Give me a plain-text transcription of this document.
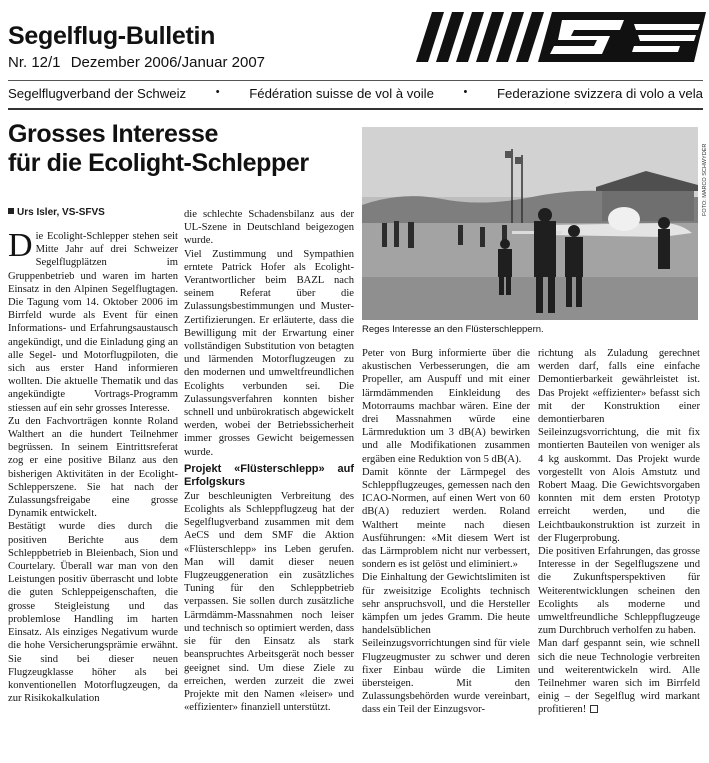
Segelflug-Bulletin
Nr. 12/1 Dezember 2006/Januar 2007
Segelflugverband der Schweiz	• Fédération suisse de vol à voile	• Federazione svizzera di volo a vela
Grosses Interesse
für die Ecolight-Schlepper
Urs Isler, VS-SFVS	FOTO: MARCO SCHWYDER
Reges Interesse an den Flüsterschleppern.

Die Ecolight-Schlepper stehen seit Mitte Jahr auf drei Schweizer Segelflugplätzen im Gruppenbetrieb und waren im harten Einsatz in den Alpinen Segelflugtagen. Die Tagung vom 14. Oktober 2006 im Birrfeld wurde als Event für einen Informations- und Erfahrungsaustausch angekündigt, und die Einladung ging an alle Segel- und Motorflugpiloten, die sich aus erster Hand informieren wollten. Die aktuelle Thematik und das angekündigte Vortrags-Programm stiessen auf ein sehr grosses Interesse.

Zu den Fachvorträgen konnte Roland Walthert an die hundert Teilnehmer begrüssen. In seinem Eintrittsreferat zog er eine positive Bilanz aus den bisherigen Aktivitäten in der Ecolight-Schlepperszene. Sie hat nach der Zulassungsfreigabe eine grosse Dynamik entwickelt.

Bestätigt wurde dies durch die positiven Berichte aus dem Schleppbetrieb in Bleienbach, Sion und Courtelary. Überall war man von den Leistungen positiv überrascht und lobte die guten Schleppeigenschaften, die grosse Steigleistung und das problemlose Handling im harten Einsatz. Als einziges Negativum wurde die hohe Versicherungsprämie erwähnt. Sie sind bei dieser neuen Flugzeugklasse höher als bei konventionellen Motorflugzeugen, da zur Risikokalkulation

die schlechte Schadensbilanz aus der UL-Szene in Deutschland beigezogen wurde.

Viel Zustimmung und Sympathien erntete Patrick Hofer als Ecolight-Verantwortlicher beim BAZL nach seinem Referat über die Zulassungsbestimmungen und Muster-Zertifizierungen. Er erläuterte, dass die Bewilligung mit der Erwartung einer vollständigen Substitution von betagten und lärmenden Motorflugzeugen zu den modernen und umweltfreundlichen Ecolights verbunden sei. Die Zulassungsverfahren konnten bisher schnell und unbürokratisch abgewickelt werden, wobei der Betriebssicherheit immer grosses Gewicht beigemessen wurde.

Projekt «Flüsterschlepp» auf Erfolgskurs

Zur beschleunigten Verbreitung des Ecolights als Schleppflugzeug hat der Segelflugverband zusammen mit dem AeCS und dem SMF die Aktion «Flüsterschlepp» ins Leben gerufen. Man will damit dieser neuen Flugzeuggeneration ein zusätzliches Tuning für den Schleppbetrieb verpassen. Sie sollen durch zusätzliche Lärmdämm-Massnahmen noch leiser und technisch so optimiert werden, dass sie für den Einsatz als stark beanspruchtes Arbeitsgerät noch besser geeignet sind. Um diese Ziele zu erreichen, werden zurzeit die zwei Projekte mit den Namen «leiser» und «effizienter» finanziell unterstützt.

Peter von Burg informierte über die akustischen Verbesserungen, die am Propeller, am Auspuff und mit einer lärmdämmenden Einkleidung des Motorraums machbar wären. Eine der drei Massnahmen würde eine Lärmreduktion um 3 dB(A) bewirken und alle Modifikationen zusammen ergäben eine Reduktion von 5 dB(A).

Damit könnte der Lärmpegel des Schleppflugzeuges, gemessen nach den ICAO-Normen, auf einen Wert von 60 dB(A) reduziert werden. Roland Walthert meinte nach diesen Ausführungen: «Mit diesem Wert ist das Lärmproblem nicht nur verbessert, sondern es ist gelöst und eliminiert.»

Die Einhaltung der Gewichtslimiten ist für zweisitzige Ecolights technisch sehr anspruchsvoll, und die Hersteller kämpfen um jedes Gramm. Die heute handelsüblichen Seileinzugsvorrichtungen sind für viele Flugzeugmuster zu schwer und deren fixer Einbau würde die Limiten übersteigen. Mit den Zulassungsbehörden wurde vereinbart, dass ein Teil der Einzugsvor-

richtung als Zuladung gerechnet werden darf, falls eine einfache Demontierbarkeit gewährleistet ist. Das Projekt «effizienter» befasst sich mit der Konstruktion einer demontierbaren Seileinzugsvorrichtung, die mit fix montierten Bauteilen von weniger als 4 kg auskommt. Das Projekt wurde vorgestellt von Alois Amstutz und Robert Maag. Die Gewichtsvorgaben konnten mit dem ersten Prototyp erreicht werden, und die Leichtbaukonstruktion ist zurzeit in der Flugerprobung.

Die positiven Erfahrungen, das grosse Interesse in der Segelflugszene und die Zukunftsperspektiven für Weiterentwicklungen scheinen den Ecolights als moderne und umweltfreundliche Schleppflugzeuge zum Durchbruch verholfen zu haben.

Man darf gespannt sein, wie schnell sich die neue Technologie verbreiten und weiterentwickeln wird. Alle Teilnehmer waren sich im Birrfeld einig – der Segelflug wird markant profitieren!
